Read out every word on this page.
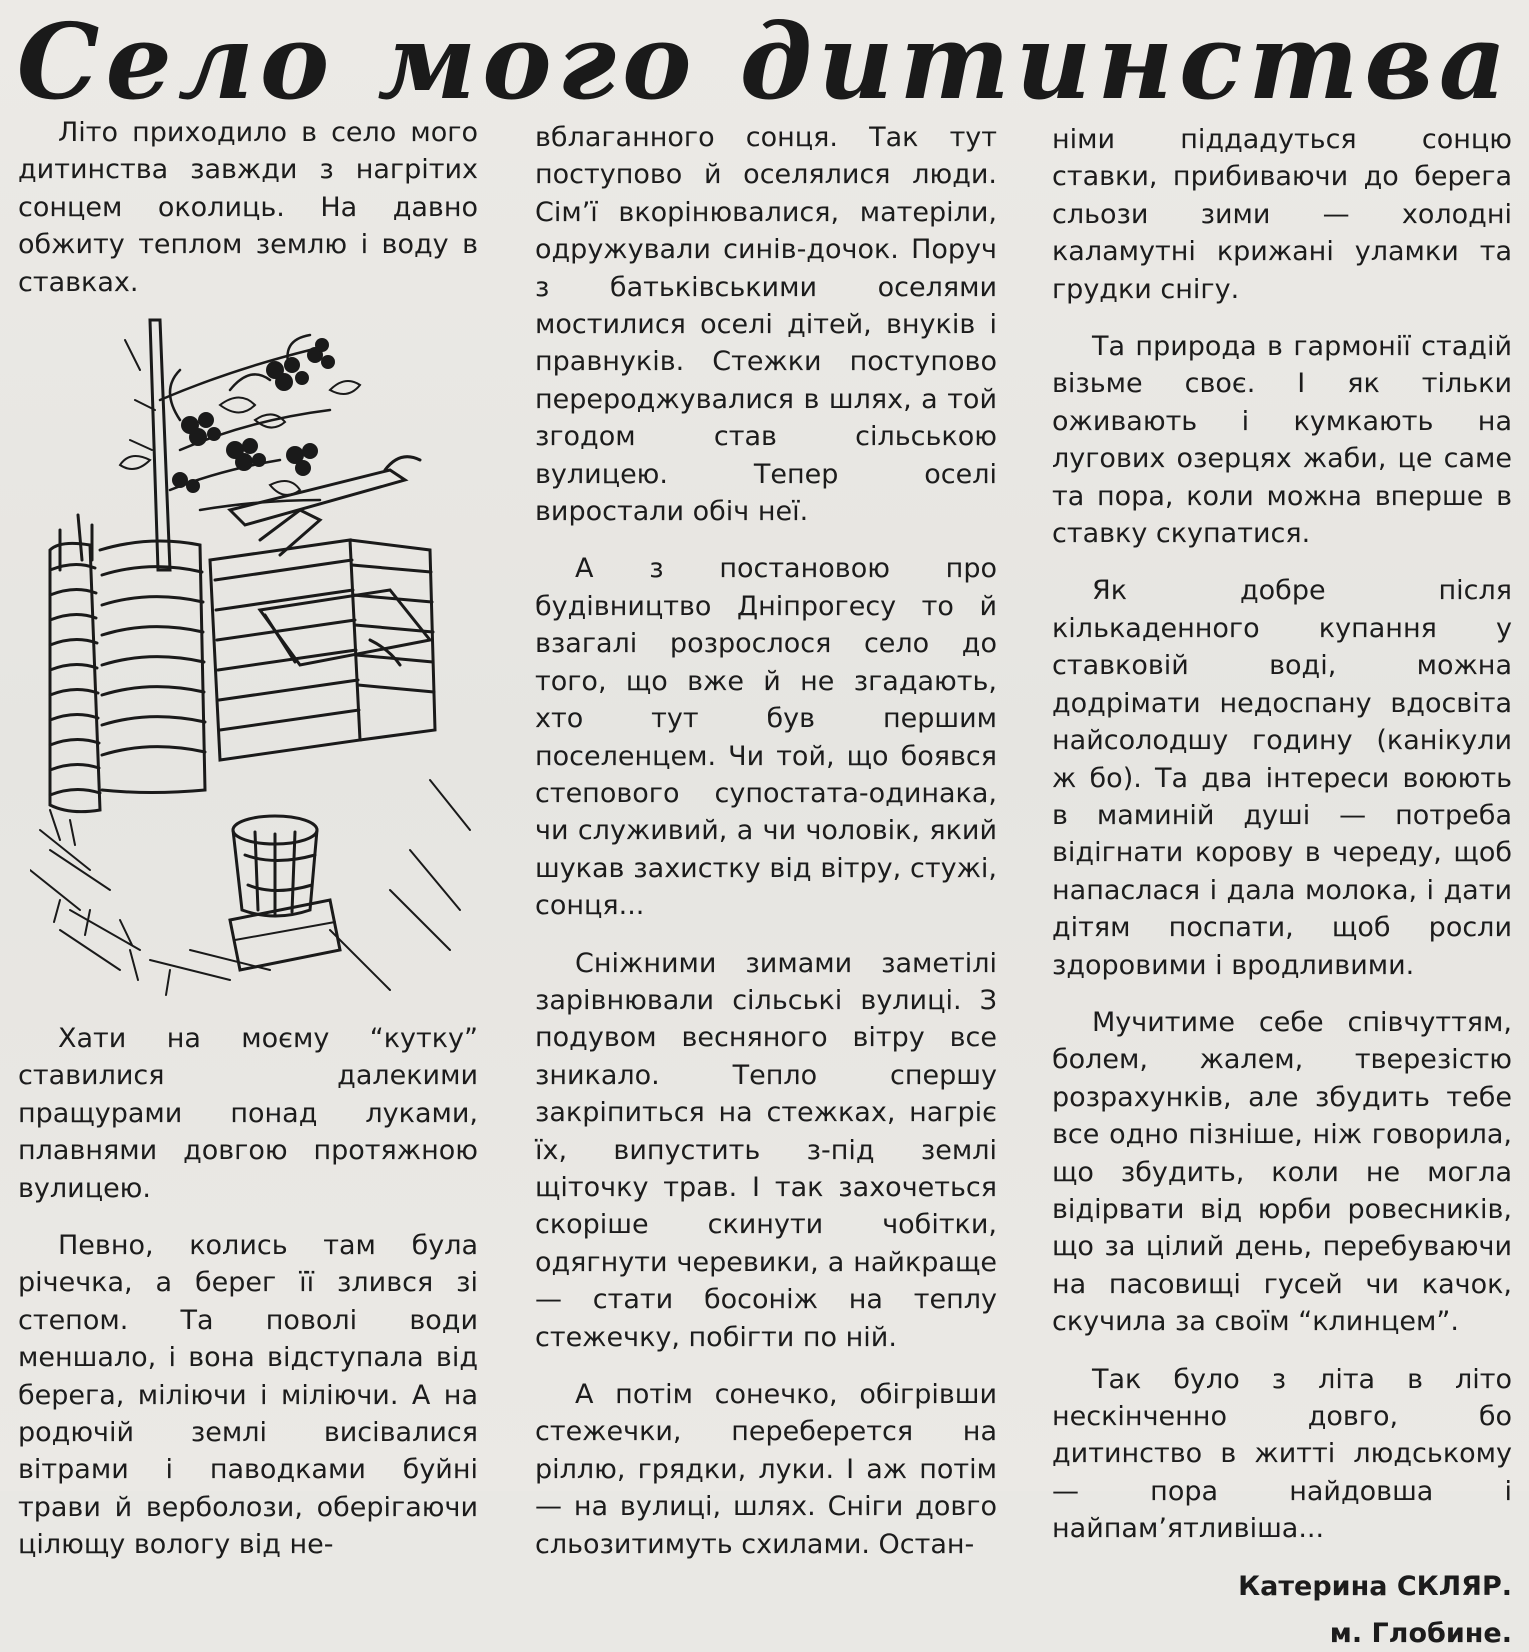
Село мого дитинства

Літо приходило в село мого дитинства завжди з нагрітих сонцем околиць. На давно обжиту теплом землю і воду в ставках.

Хати на моєму “кутку” ставилися далекими пращурами понад луками, плавнями довгою протяжною вулицею.

Певно, колись там була річечка, а берег її злився зі степом. Та поволі води меншало, і вона відступала від берега, міліючи і міліючи. А на родючій землі висівалися вітрами і паводками буйні трави й верболози, оберігаючи цілющу вологу від не-

вблаганного сонця. Так тут поступово й оселялися люди. Сім’ї вкорінювалися, матеріли, одружували синів-дочок. Поруч з батьківськими оселями мостилися оселі дітей, внуків і правнуків. Стежки поступово перероджувалися в шлях, а той згодом став сільською вулицею. Тепер оселі виростали обіч неї.

А з постановою про будівництво Дніпрогесу то й взагалі розрослося село до того, що вже й не згадають, хто тут був першим поселенцем. Чи той, що боявся степового супостата-одинака, чи служивий, а чи чоловік, який шукав захистку від вітру, стужі, сонця...

Сніжними зимами заметілі зарівнювали сільські вулиці. З подувом весняного вітру все зникало. Тепло спершу закріпиться на стежках, нагріє їх, випустить з-під землі щіточку трав. І так захочеться скоріше скинути чобітки, одягнути черевики, а найкраще — стати босоніж на теплу стежечку, побігти по ній.

А потім сонечко, обігрівши стежечки, переберется на ріллю, грядки, луки. І аж потім — на вулиці, шлях. Сніги довго сльозитимуть схилами. Остан-

німи піддадуться сонцю ставки, прибиваючи до берега сльози зими — холодні каламутні крижані уламки та грудки снігу.

Та природа в гармонії стадій візьме своє. І як тільки оживають і кумкають на лугових озерцях жаби, це саме та пора, коли можна вперше в ставку скупатися.

Як добре після кількаденного купання у ставковій воді, можна додрімати недоспану вдосвіта найсолодшу годину (канікули ж бо). Та два інтереси воюють в маминій душі — потреба відігнати корову в череду, щоб напаслася і дала молока, і дати дітям поспати, щоб росли здоровими і вродливими.

Мучитиме себе співчуттям, болем, жалем, тверезістю розрахунків, але збудить тебе все одно пізніше, ніж говорила, що збудить, коли не могла відірвати від юрби ровесників, що за цілий день, перебуваючи на пасовищі гусей чи качок, скучила за своїм “клинцем”.

Так було з літа в літо нескінченно довго, бо дитинство в житті людському — пора найдовша і найпам’ятливіша...

Катерина СКЛЯР.
м. Глобине.
